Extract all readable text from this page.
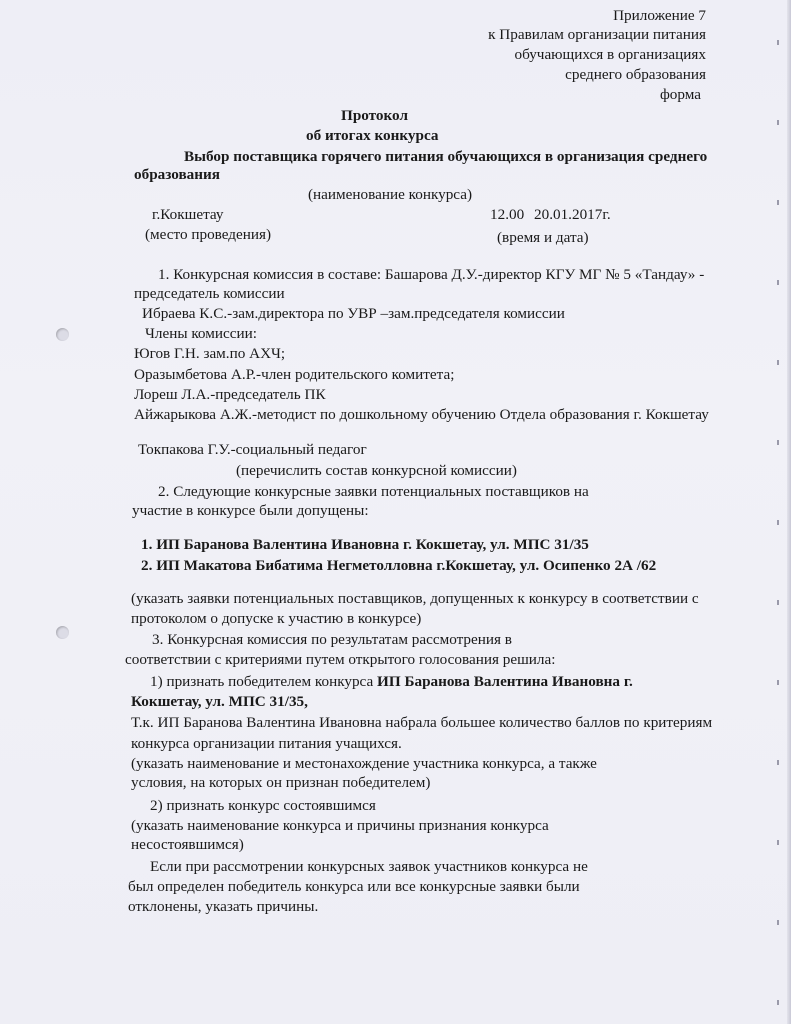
Приложение 7
к Правилам организации питания
обучающихся в организациях
среднего образования
форма
Протокол
об итогах конкурса
Выбор поставщика горячего питания обучающихся в организация среднего
образования
(наименование конкурса)
г.Кокшетау	12.00 20.01.2017г.
(место проведения)	(время и дата)
1. Конкурсная комиссия в составе: Башарова Д.У.-директор КГУ МГ № 5 «Тандау» -
председатель комиссии
Ибраева К.С.-зам.директора по УВР –зам.председателя комиссии
Члены комиссии:
Югов Г.Н. зам.по АХЧ;
Оразымбетова А.Р.-член родительского комитета;
Лореш Л.А.-председатель ПК
Айжарыкова А.Ж.-методист по дошкольному обучению Отдела образования г. Кокшетау
Токпакова Г.У.-социальный педагог
(перечислить состав конкурсной комиссии)
2. Следующие конкурсные заявки потенциальных поставщиков на
участие в конкурсе были допущены:
1. ИП Баранова Валентина Ивановна г. Кокшетау, ул. МПС 31/35
2. ИП Макатова Бибатима Негметолловна г.Кокшетау, ул. Осипенко 2А /62
(указать заявки потенциальных поставщиков, допущенных к конкурсу в соответствии с
протоколом о допуске к участию в конкурсе)
3. Конкурсная комиссия по результатам рассмотрения в
соответствии с критериями путем открытого голосования решила:
1) признать победителем конкурса ИП Баранова Валентина Ивановна г.
Кокшетау, ул. МПС 31/35,
Т.к. ИП Баранова Валентина Ивановна набрала большее количество баллов по критериям
конкурса организации питания учащихся.
(указать наименование и местонахождение участника конкурса, а также
условия, на которых он признан победителем)
2) признать конкурс состоявшимся
(указать наименование конкурса и причины признания конкурса
несостоявшимся)
Если при рассмотрении конкурсных заявок участников конкурса не
был определен победитель конкурса или все конкурсные заявки были
отклонены, указать причины.
